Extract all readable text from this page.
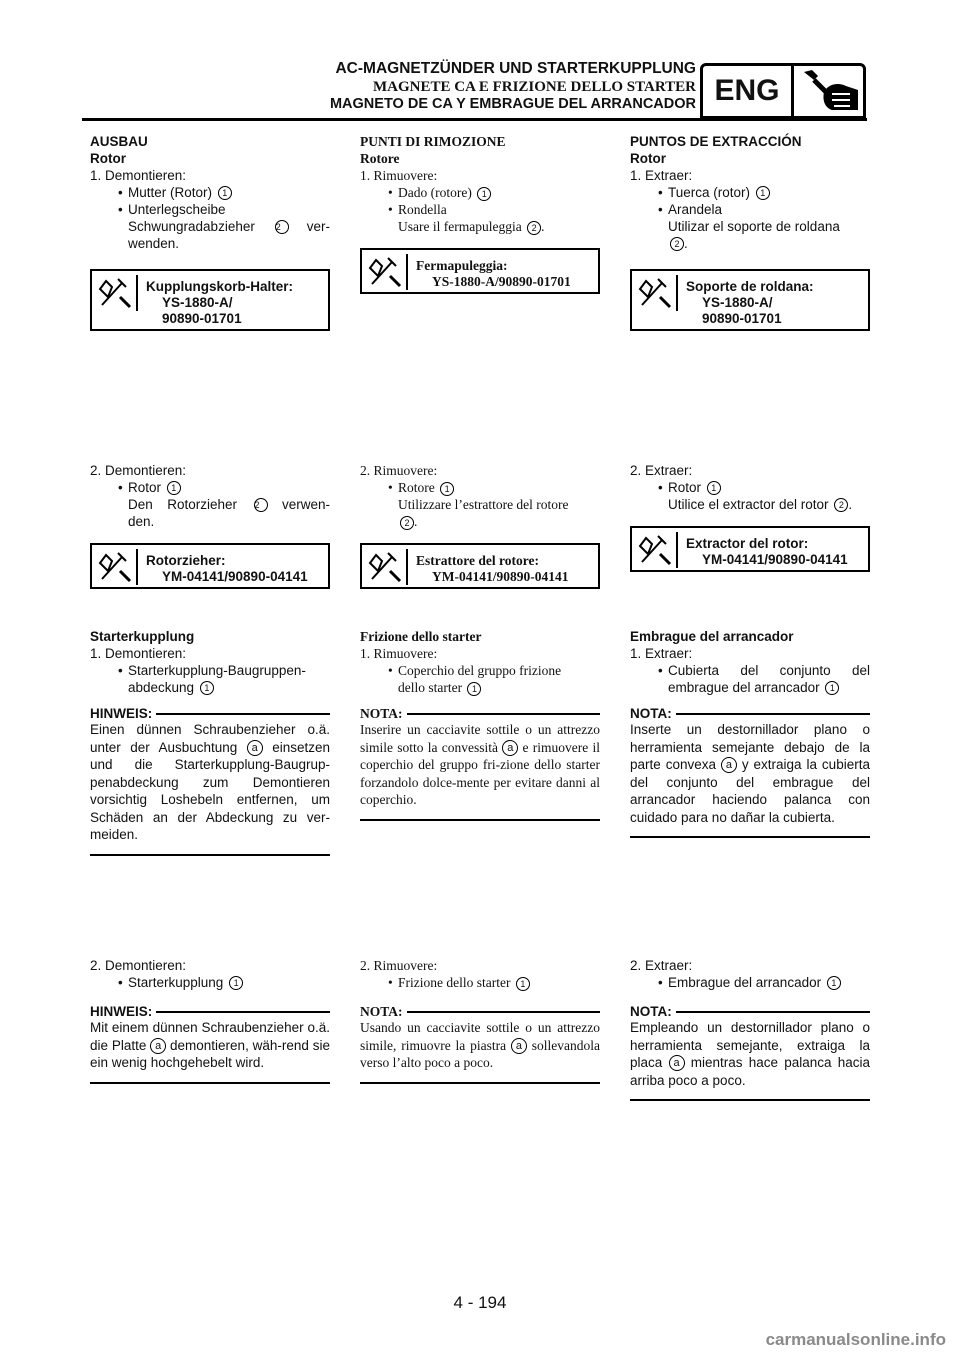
AC-MAGNETZÜNDER UND STARTERKUPPLUNG
MAGNETE CA E FRIZIONE DELLO STARTER
MAGNETO DE CA Y EMBRAGUE DEL ARRANCADOR ENG

AUSBAU

Rotor

1. Demontieren:

• Mutter (Rotor) 1

• Unterlegscheibe

Schwungradabzieher 2 ver-

wenden.

Kupplungskorb-Halter:
YS-1880-A/
90890-01701

2. Demontieren:

• Rotor 1

Den Rotorzieher 2 verwen-

den.

Rotorzieher:
YM-04141/90890-04141

Starterkupplung

1. Demontieren:

• Starterkupplung-Baugruppen-

abdeckung 1

HINWEIS:
Einen dünnen Schraubenzieher o.ä. unter der Ausbuchtung a einsetzen und die Starterkupplung-Baugrup-penabdeckung zum Demontieren vorsichtig Loshebeln entfernen, um Schäden an der Abdeckung zu ver-meiden.

2. Demontieren:

• Starterkupplung 1

HINWEIS:
Mit einem dünnen Schraubenzieher o.ä. die Platte a demontieren, wäh-rend sie ein wenig hochgehebelt wird.

PUNTI DI RIMOZIONE

Rotore

1. Rimuovere:

• Dado (rotore) 1

• Rondella

Usare il fermapuleggia 2 .

Fermapuleggia:
YS-1880-A/90890-01701

2. Rimuovere:

• Rotore 1

Utilizzare l’estrattore del rotore
2 .

Estrattore del rotore:
YM-04141/90890-04141

Frizione dello starter

1. Rimuovere:

• Coperchio del gruppo frizione

dello starter 1

NOTA:
Inserire un cacciavite sottile o un attrezzo simile sotto la convessità a e rimuovere il coperchio del gruppo fri-zione dello starter forzandolo dolce-mente per evitare danni al coperchio.

2. Rimuovere:

• Frizione dello starter 1

NOTA:
Usando un cacciavite sottile o un attrezzo simile, rimuovre la piastra a sollevandola verso l’alto poco a poco.

PUNTOS DE EXTRACCIÓN

Rotor

1. Extraer:

• Tuerca (rotor) 1

• Arandela

Utilizar el soporte de roldana
2 .

Soporte de roldana:
YS-1880-A/
90890-01701

2. Extraer:

• Rotor 1

Utilice el extractor del rotor 2 .

Extractor del rotor:
YM-04141/90890-04141

Embrague del arrancador

1. Extraer:

• Cubierta del conjunto del

embrague del arrancador 1

NOTA:
Inserte un destornillador plano o herramienta semejante debajo de la parte convexa a y extraiga la cubierta del conjunto del embrague del arrancador haciendo palanca con cuidado para no dañar la cubierta.

2. Extraer:

• Embrague del arrancador 1

NOTA:
Empleando un destornillador plano o herramienta semejante, extraiga la placa a mientras hace palanca hacia arriba poco a poco.
4 - 194
carmanualsonline.info
